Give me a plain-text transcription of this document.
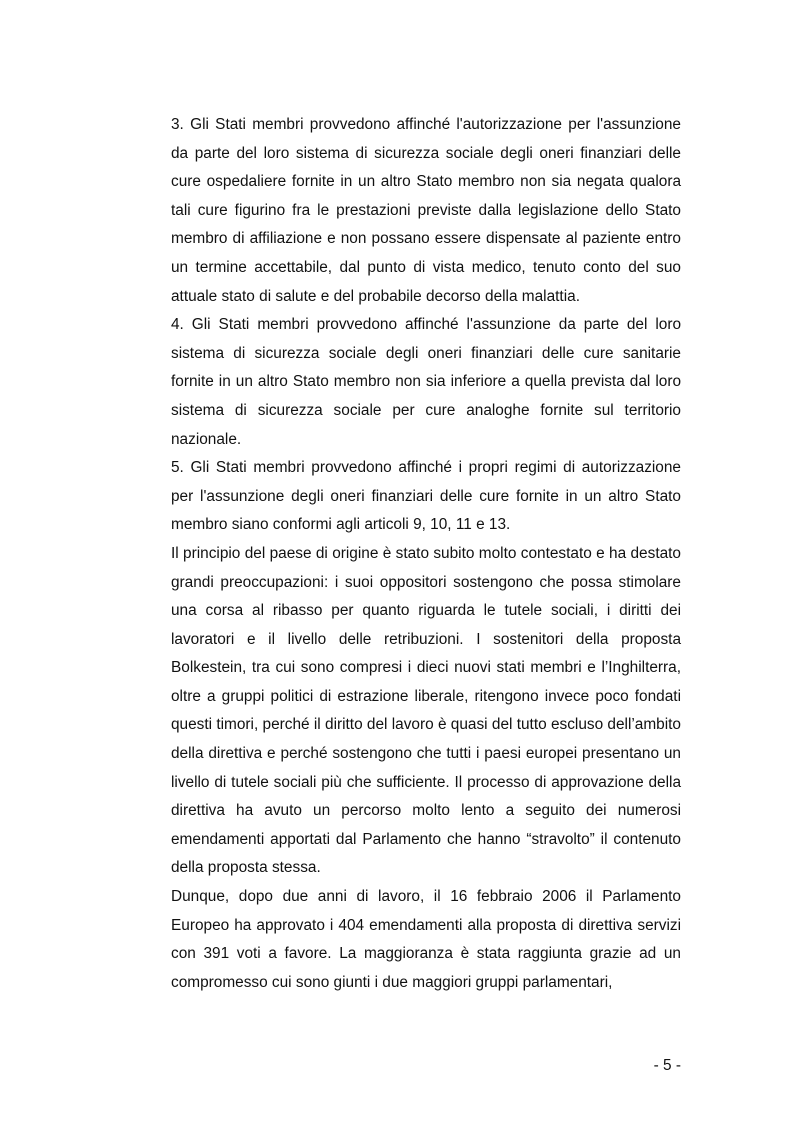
3. Gli Stati membri provvedono affinché l'autorizzazione per l'assunzione da parte del loro sistema di sicurezza sociale degli oneri finanziari delle cure ospedaliere fornite in un altro Stato membro non sia negata qualora tali cure figurino fra le prestazioni previste dalla legislazione dello Stato membro di affiliazione e non possano essere dispensate al paziente entro un termine accettabile, dal punto di vista medico, tenuto conto del suo attuale stato di salute e del probabile decorso della malattia.

4. Gli Stati membri provvedono affinché l'assunzione da parte del loro sistema di sicurezza sociale degli oneri finanziari delle cure sanitarie fornite in un altro Stato membro non sia inferiore a quella prevista dal loro sistema di sicurezza sociale per cure analoghe fornite sul territorio nazionale.

5. Gli Stati membri provvedono affinché i propri regimi di autorizzazione per l'assunzione degli oneri finanziari delle cure fornite in un altro Stato membro siano conformi agli articoli 9, 10, 11 e 13.

Il principio del paese di origine è stato subito molto contestato e ha destato grandi preoccupazioni: i suoi oppositori sostengono che possa stimolare una corsa al ribasso per quanto riguarda le tutele sociali, i diritti dei lavoratori e il livello delle retribuzioni. I sostenitori della proposta Bolkestein, tra cui sono compresi i dieci nuovi stati membri e l’Inghilterra, oltre a gruppi politici di estrazione liberale, ritengono invece poco fondati questi timori, perché il diritto del lavoro è quasi del tutto escluso dell’ambito della direttiva e perché sostengono che tutti i paesi europei presentano un livello di tutele sociali più che sufficiente. Il processo di approvazione della direttiva ha avuto un percorso molto lento a seguito dei numerosi emendamenti apportati dal Parlamento che hanno “stravolto” il contenuto della proposta stessa.

Dunque, dopo due anni di lavoro, il 16 febbraio 2006 il Parlamento Europeo ha approvato i 404 emendamenti alla proposta di direttiva servizi con 391 voti a favore. La maggioranza è stata raggiunta grazie ad un compromesso cui sono giunti i due maggiori gruppi parlamentari,

- 5 -
